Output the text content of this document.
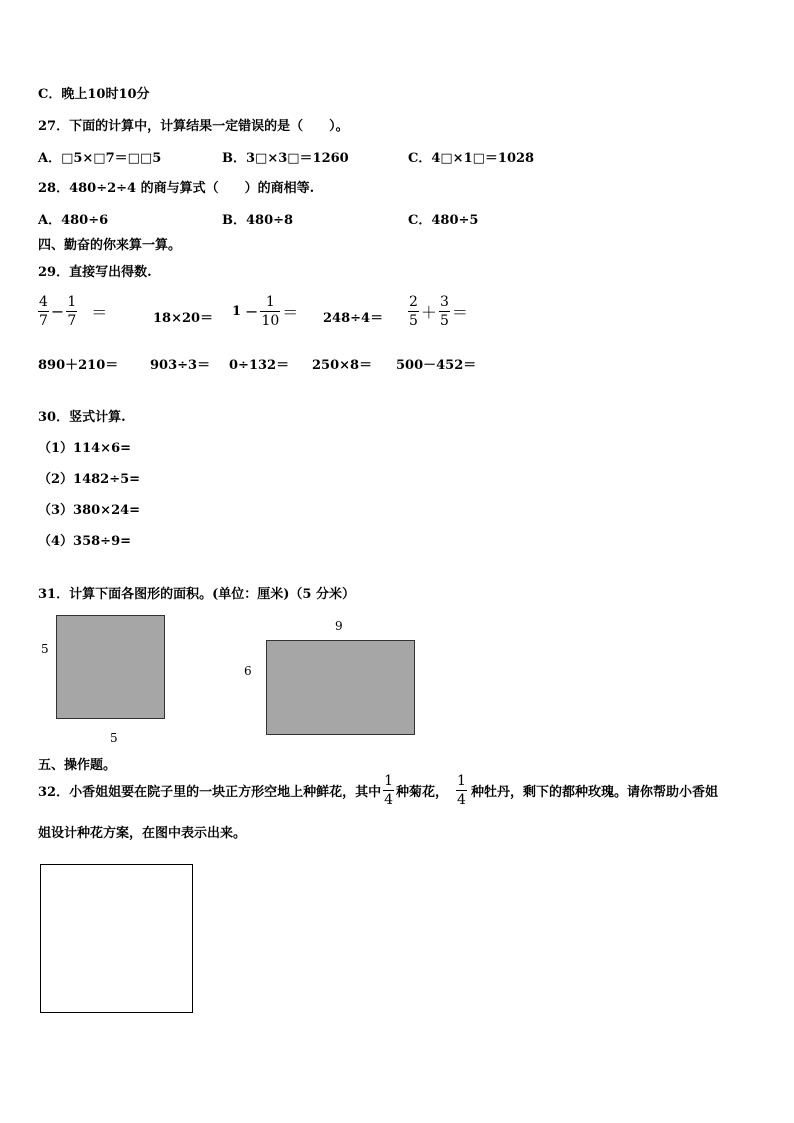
C．晚上10时10分
27．下面的计算中，计算结果一定错误的是（　　）。
A．□5×□7＝□□5	B．3□×3□＝1260	C．4□×1□＝1028
28．480÷2÷4 的商与算式（　　）的商相等.
A．480÷6	B．480÷8	C．480÷5
四、勤奋的你来算一算。
29．直接写出得数.
$\frac{4}{7} - \frac{1}{7}$ ＝	$18\times 20= 1 - \frac{1}{10} = 248\div 4= \frac{2}{5} + \frac{3}{5}$ ＝
890＋210＝ 903÷3＝ 0÷132＝ 250×8＝ 500－452＝
30．竖式计算.
（1）114×6=
（2）1482÷5=
（3）380×24=
（4）358÷9=
31．计算下面各图形的面积。(单位：厘米)（5 分米）
5
5
9
6
五、操作题。
32．小香姐姐要在院子里的一块正方形空地上种鲜花，其中 $\frac{1}{4}$ 种菊花， $\frac{1}{4}$ 种牡丹，剩下的都种玫瑰。请你帮助小香姐
姐设计种花方案，在图中表示出来。
